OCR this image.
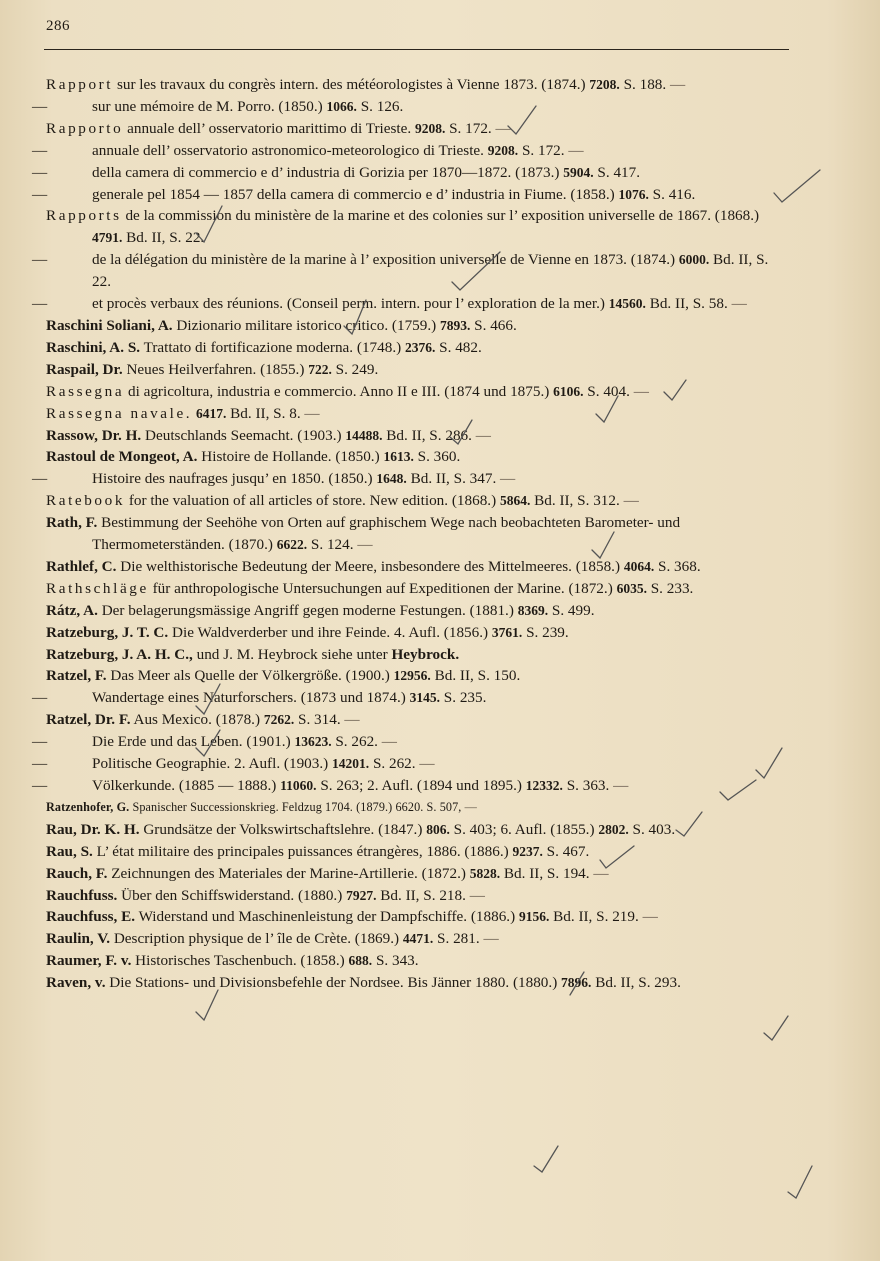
286

Rapport sur les travaux du congrès intern. des météorologistes à Vienne 1873. (1874.) 7208. S. 188. —

—	sur une mémoire de M. Porro. (1850.) 1066. S. 126.

Rapporto annuale dell’ osservatorio marittimo di Trieste. 9208. S. 172. —

—	annuale dell’ osservatorio astronomico-meteorologico di Trieste. 9208. S. 172. —

—	della camera di commercio e d’ industria di Gorizia per 1870—1872. (1873.) 5904. S. 417.

—	generale pel 1854 — 1857 della camera di commercio e d’ industria in Fiume. (1858.) 1076. S. 416.

Rapports de la commission du ministère de la marine et des colonies sur l’ exposition universelle de 1867. (1868.) 4791. Bd. II, S. 22.

—	de la délégation du ministère de la marine à l’ exposition universelle de Vienne en 1873. (1874.) 6000. Bd. II, S. 22.

—	et procès verbaux des réunions. (Conseil perm. intern. pour l’ exploration de la mer.) 14560. Bd. II, S. 58. —

Raschini Soliani, A. Dizionario militare istorico critico. (1759.) 7893. S. 466.

Raschini, A. S. Trattato di fortificazione moderna. (1748.) 2376. S. 482.

Raspail, Dr. Neues Heilverfahren. (1855.) 722. S. 249.

Rassegna di agricoltura, industria e commercio. Anno II e III. (1874 und 1875.) 6106. S. 404. —

Rassegna navale. 6417. Bd. II, S. 8. —

Rassow, Dr. H. Deutschlands Seemacht. (1903.) 14488. Bd. II, S. 286. —

Rastoul de Mongeot, A. Histoire de Hollande. (1850.) 1613. S. 360.

—	Histoire des naufrages jusqu’ en 1850. (1850.) 1648. Bd. II, S. 347. —

Ratebook for the valuation of all articles of store. New edition. (1868.) 5864. Bd. II, S. 312. —

Rath, F. Bestimmung der Seehöhe von Orten auf graphischem Wege nach beobachteten Barometer- und Thermometerständen. (1870.) 6622. S. 124. —

Rathlef, C. Die welthistorische Bedeutung der Meere, insbesondere des Mittelmeeres. (1858.) 4064. S. 368.

Rathschläge für anthropologische Untersuchungen auf Expeditionen der Marine. (1872.) 6035. S. 233.

Rátz, A. Der belagerungsmässige Angriff gegen moderne Festungen. (1881.) 8369. S. 499.

Ratzeburg, J. T. C. Die Waldverderber und ihre Feinde. 4. Aufl. (1856.) 3761. S. 239.

Ratzeburg, J. A. H. C., und J. M. Heybrock siehe unter Heybrock.

Ratzel, F. Das Meer als Quelle der Völkergröße. (1900.) 12956. Bd. II, S. 150.

—	Wandertage eines Naturforschers. (1873 und 1874.) 3145. S. 235.

Ratzel, Dr. F. Aus Mexico. (1878.) 7262. S. 314. —

—	Die Erde und das Leben. (1901.) 13623. S. 262. —

—	Politische Geographie. 2. Aufl. (1903.) 14201. S. 262. —

—	Völkerkunde. (1885 — 1888.) 11060. S. 263; 2. Aufl. (1894 und 1895.) 12332. S. 363. —

Ratzenhofer, G. Spanischer Successionskrieg. Feldzug 1704. (1879.) 6620. S. 507, —

Rau, Dr. K. H. Grundsätze der Volkswirtschaftslehre. (1847.) 806. S. 403; 6. Aufl. (1855.) 2802. S. 403.

Rau, S. L’ état militaire des principales puissances étrangères, 1886. (1886.) 9237. S. 467.

Rauch, F. Zeichnungen des Materiales der Marine-Artillerie. (1872.) 5828. Bd. II, S. 194. —

Rauchfuss. Über den Schiffswiderstand. (1880.) 7927. Bd. II, S. 218. —

Rauchfuss, E. Widerstand und Maschinenleistung der Dampfschiffe. (1886.) 9156. Bd. II, S. 219. —

Raulin, V. Description physique de l’ île de Crète. (1869.) 4471. S. 281. —

Raumer, F. v. Historisches Taschenbuch. (1858.) 688. S. 343.

Raven, v. Die Stations- und Divisionsbefehle der Nordsee. Bis Jänner 1880. (1880.) 7896. Bd. II, S. 293.
